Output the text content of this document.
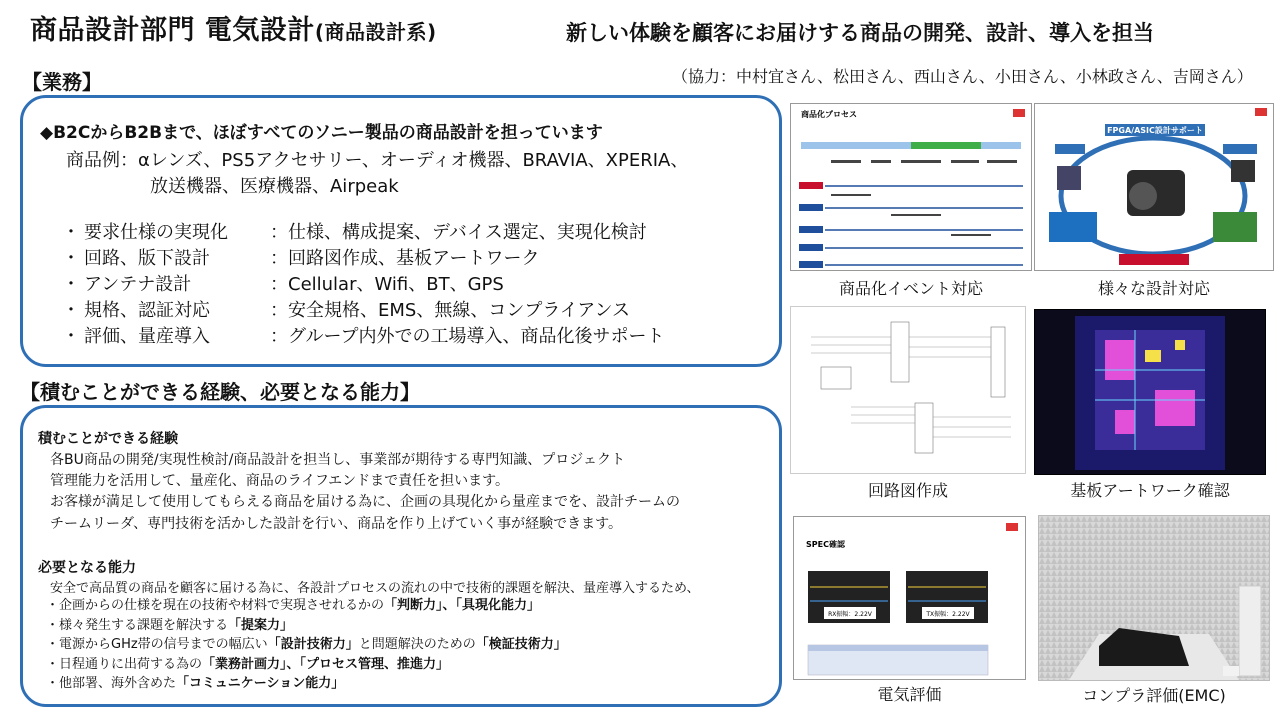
商品設計部門 電気設計(商品設計系)	新しい体験を顧客にお届けする商品の開発、設計、導入を担当
（協力：中村宜さん、松田さん、西山さん、小田さん、小林政さん、吉岡さん）
【業務】
◆B2CからB2Bまで、ほぼすべてのソニー製品の商品設計を担っています
商品例：αレンズ、PS5アクセサリー、オーディオ機器、BRAVIA、XPERIA、
放送機器、医療機器、Airpeak
・ 要求仕様の実現化	：仕様、構成提案、デバイス選定、実現化検討
・ 回路、版下設計	：回路図作成、基板アートワーク
・ アンテナ設計	：Cellular、Wifi、BT、GPS
・ 規格、認証対応	：安全規格、EMS、無線、コンプライアンス
・ 評価、量産導入	：グループ内外での工場導入、商品化後サポート
【積むことができる経験、必要となる能力】
積むことができる経験
各BU商品の開発/実現性検討/商品設計を担当し、事業部が期待する専門知識、プロジェクト
管理能力を活用して、量産化、商品のライフエンドまで責任を担います。
お客様が満足して使用してもらえる商品を届ける為に、企画の具現化から量産までを、設計チームの
チームリーダ、専門技術を活かした設計を行い、商品を作り上げていく事が経験できます。
必要となる能力
安全で高品質の商品を顧客に届ける為に、各設計プロセスの流れの中で技術的課題を解決、量産導入するため、
・企画からの仕様を現在の技術や材料で実現させれるかの「判断力」、「具現化能力」
・様々発生する課題を解決する「提案力」
・電源からGHz帯の信号までの幅広い「設計技術力」と問題解決のための「検証技術力」
・日程通りに出荷する為の「業務計画力」、「プロセス管理、推進力」
・他部署、海外含めた「コミュニケーション能力」
商品化プロセス
商品化イベント対応
FPGA/ASIC設計サポート
様々な設計対応
回路図作成	基板アートワーク確認
SPEC確認
RX振幅：2.22V	TX振幅：2.22V
電気評価	コンプラ評価(EMC)
